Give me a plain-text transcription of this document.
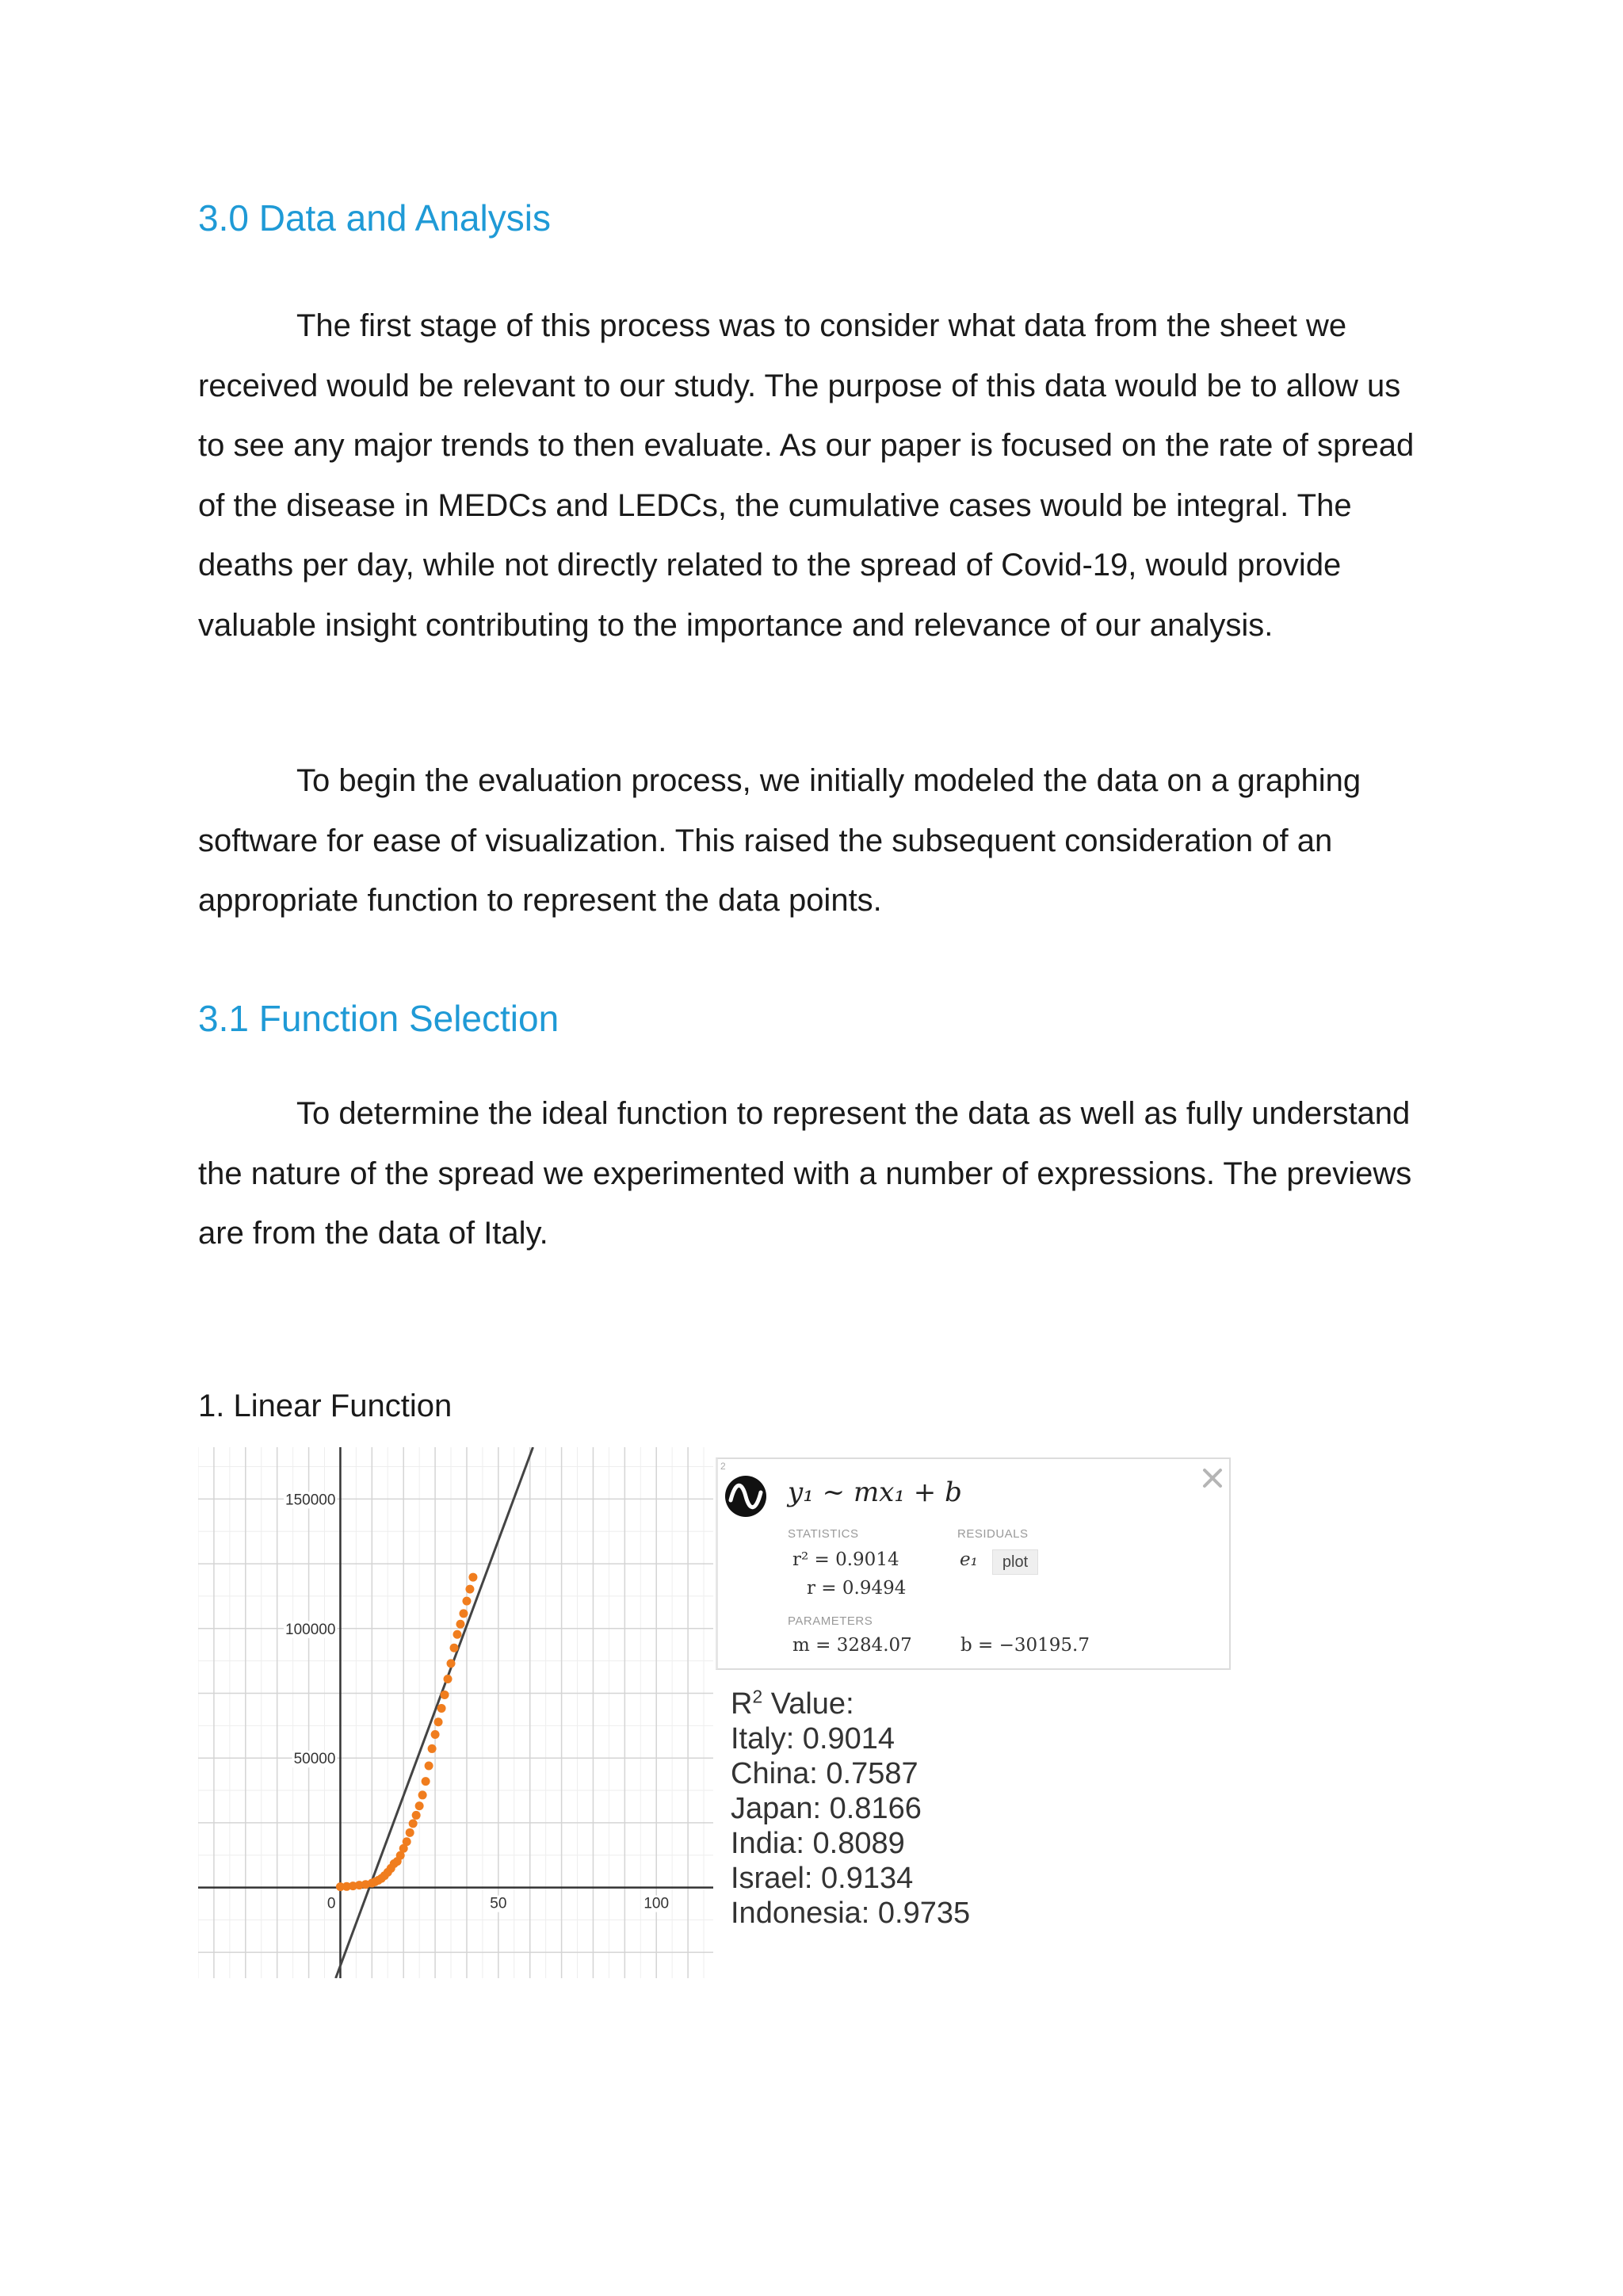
3.0 Data and Analysis

The first stage of this process was to consider what data from the sheet we received would be relevant to our study. The purpose of this data would be to allow us to see any major trends to then evaluate. As our paper is focused on the rate of spread of the disease in MEDCs and LEDCs, the cumulative cases would be integral. The deaths per day, while not directly related to the spread of Covid-19, would provide valuable insight contributing to the importance and relevance of our analysis.

To begin the evaluation process, we initially modeled the data on a graphing software for ease of visualization. This raised the subsequent consideration of an appropriate function to represent the data points.

3.1 Function Selection

To determine the ideal function to represent the data as well as fully understand the nature of the spread we experimented with a number of expressions. The previews are from the data of Italy.

1. Linear Function
0	50	100
50000
100000
150000
2
y₁ ~ mx₁ + b
STATISTICS	RESIDUALS
r² = 0.9014
r = 0.9494
e₁	plot
PARAMETERS
m = 3284.07	b = −30195.7
$R^2$ Value:
Italy: 0.9014
China: 0.7587
Japan: 0.8166
India: 0.8089
Israel: 0.9134
Indonesia: 0.9735
